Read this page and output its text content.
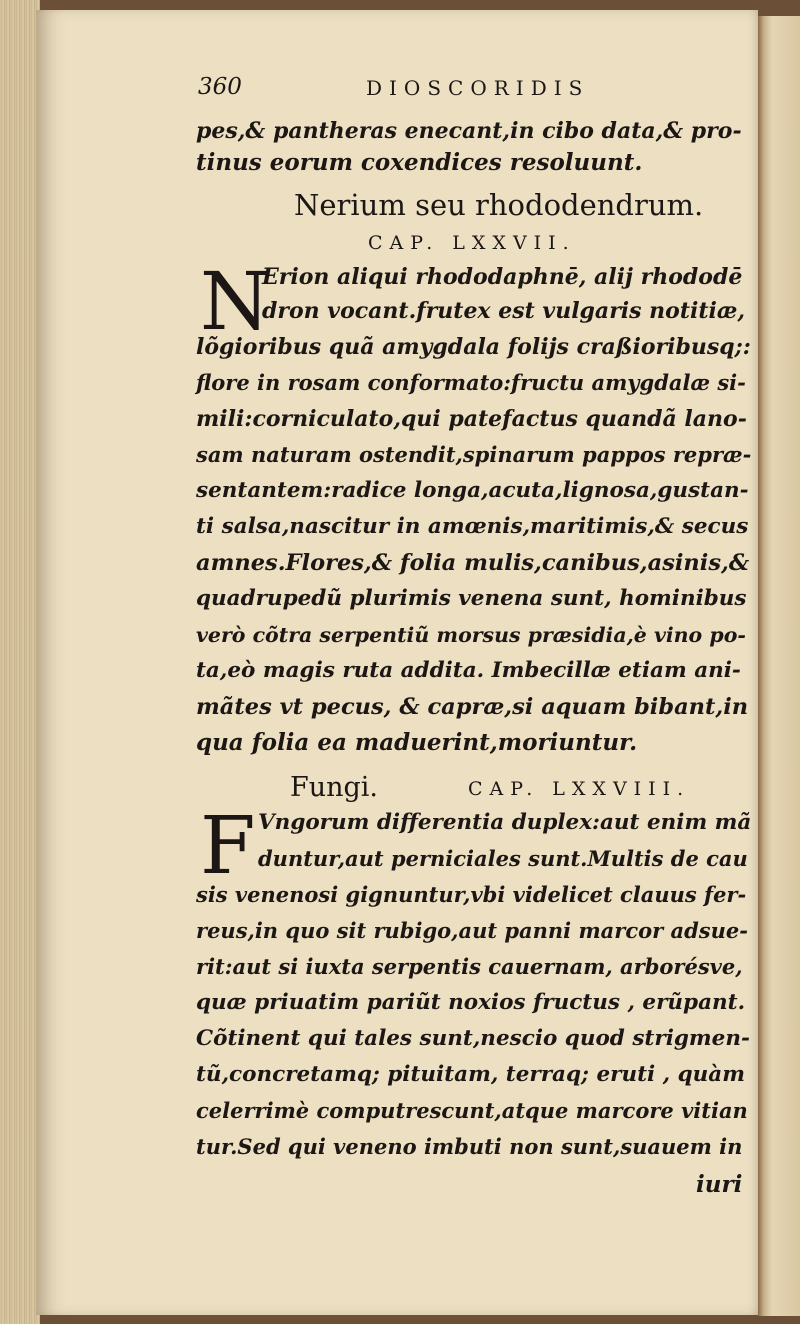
360	DIOSCORIDIS
pes,& pantheras enecant,in cibo data,& pro-
tinus eorum coxendices resoluunt.
Nerium seu rhododendrum.
CAP. LXXVII.
N
Erion aliqui rhododaphnē, alij rhododē
dron vocant.frutex est vulgaris notitiæ,
lõgioribus quã amygdala folijs craßioribusq;:
flore in rosam conformato:fructu amygdalæ si-
mili:corniculato,qui patefactus quandã lano-
sam naturam ostendit,spinarum pappos repræ-
sentantem:radice longa,acuta,lignosa,gustan-
ti salsa,nascitur in amœnis,maritimis,& secus
amnes.Flores,& folia mulis,canibus,asinis,&
quadrupedũ plurimis venena sunt, hominibus
verò cõtra serpentiũ morsus præsidia,è vino po-
ta,eò magis ruta addita. Imbecillæ etiam ani-
mãtes vt pecus, & capræ,si aquam bibant,in
qua folia ea maduerint,moriuntur.
Fungi.	CAP. LXXVIII.
F Vngorum differentia duplex:aut enim mã
duntur,aut perniciales sunt.Multis de cau
sis venenosi gignuntur,vbi videlicet clauus fer-
reus,in quo sit rubigo,aut panni marcor adsue-
rit:aut si iuxta serpentis cauernam, arborésve,
quæ priuatim pariũt noxios fructus , erũpant.
Cõtinent qui tales sunt,nescio quod strigmen-
tũ,concretamq; pituitam, terraq; eruti , quàm
celerrimè computrescunt,atque marcore vitian
tur.Sed qui veneno imbuti non sunt,suauem in
iuri
